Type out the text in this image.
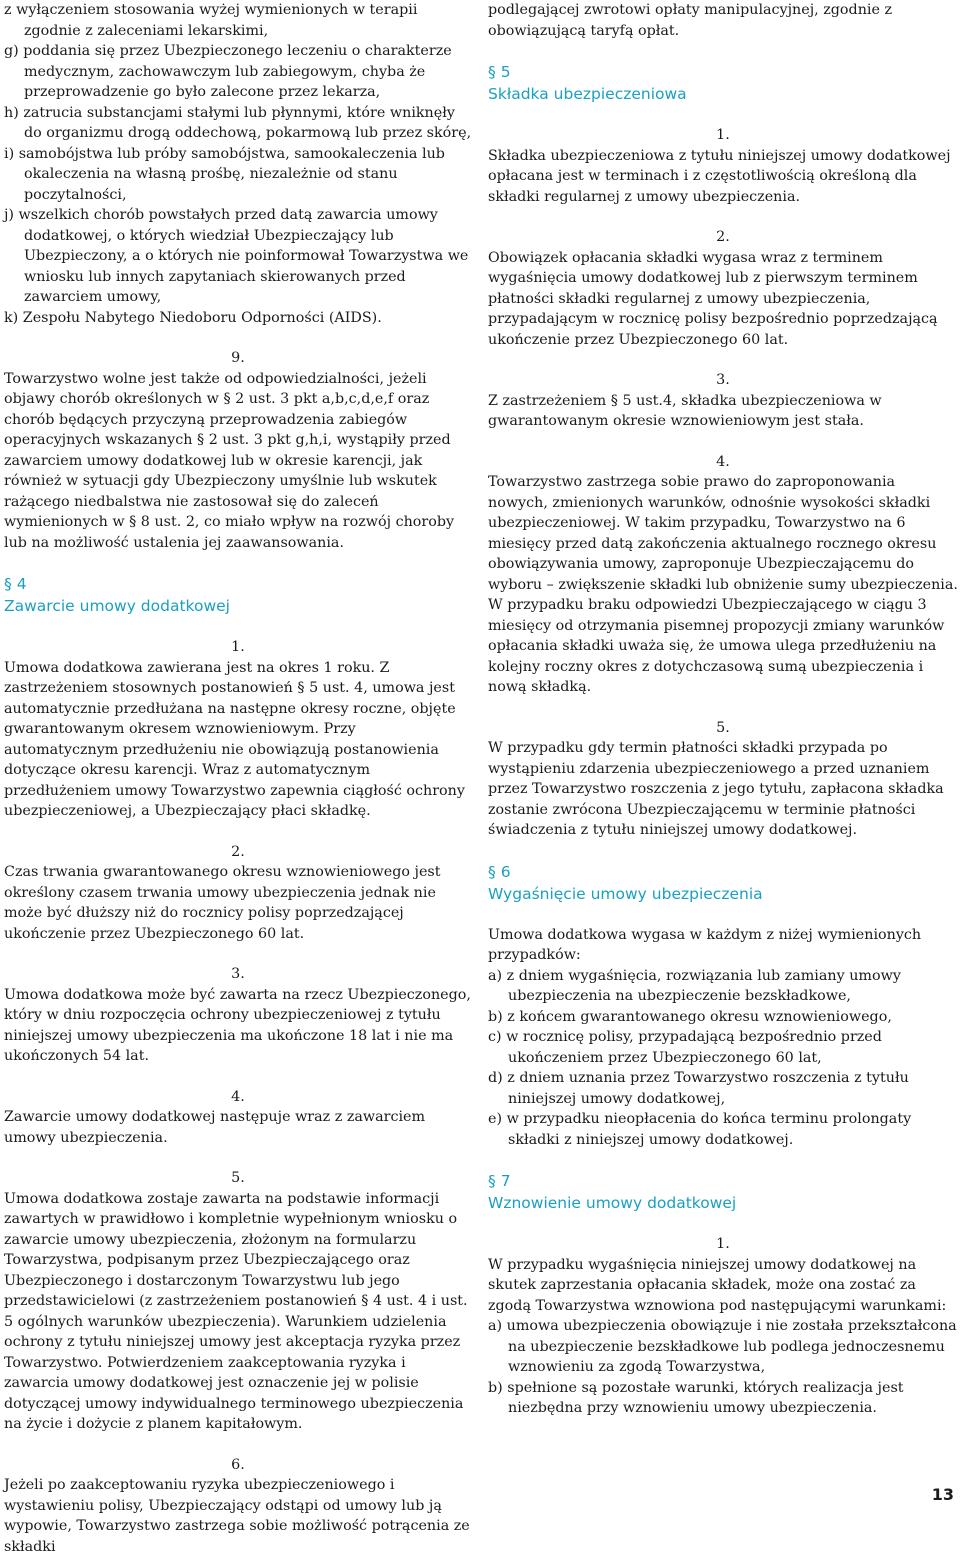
z wyłączeniem stosowania wyżej wymienionych w terapii zgodnie z zaleceniami lekarskimi,

g) poddania się przez Ubezpieczonego leczeniu o charakterze medycznym, zachowawczym lub zabiegowym, chyba że przeprowadzenie go było zalecone przez lekarza,

h) zatrucia substancjami stałymi lub płynnymi, które wniknęły do organizmu drogą oddechową, pokarmową lub przez skórę,

i) samobójstwa lub próby samobójstwa, samookaleczenia lub okaleczenia na własną prośbę, niezależnie od stanu poczytalności,

j) wszelkich chorób powstałych przed datą zawarcia umowy dodatkowej, o których wiedział Ubezpieczający lub Ubezpieczony, a o których nie poinformował Towarzystwa we wniosku lub innych zapytaniach skierowanych przed zawarciem umowy,

k) Zespołu Nabytego Niedoboru Odporności (AIDS).

9.

Towarzystwo wolne jest także od odpowiedzialności, jeżeli objawy chorób określonych w § 2 ust. 3 pkt a,b,c,d,e,f oraz chorób będących przyczyną przeprowadzenia zabiegów operacyjnych wskazanych § 2 ust. 3 pkt g,h,i, wystąpiły przed zawarciem umowy dodatkowej lub w okresie karencji, jak również w sytuacji gdy Ubezpieczony umyślnie lub wskutek rażącego niedbalstwa nie zastosował się do zaleceń wymienionych w § 8 ust. 2, co miało wpływ na rozwój choroby lub na możliwość ustalenia jej zaawansowania.

§ 4
Zawarcie umowy dodatkowej

1.

Umowa dodatkowa zawierana jest na okres 1 roku. Z zastrzeżeniem stosownych postanowień § 5 ust. 4, umowa jest automatycznie przedłużana na następne okresy roczne, objęte gwarantowanym okresem wznowieniowym. Przy automatycznym przedłużeniu nie obowiązują postanowienia dotyczące okresu karencji. Wraz z automatycznym przedłużeniem umowy Towarzystwo zapewnia ciągłość ochrony ubezpieczeniowej, a Ubezpieczający płaci składkę.

2.

Czas trwania gwarantowanego okresu wznowieniowego jest określony czasem trwania umowy ubezpieczenia jednak nie może być dłuższy niż do rocznicy polisy poprzedzającej ukończenie przez Ubezpieczonego 60 lat.

3.

Umowa dodatkowa może być zawarta na rzecz Ubezpieczonego, który w dniu rozpoczęcia ochrony ubezpieczeniowej z tytułu niniejszej umowy ubezpieczenia ma ukończone 18 lat i nie ma ukończonych 54 lat.

4.

Zawarcie umowy dodatkowej następuje wraz z zawarciem umowy ubezpieczenia.

5.

Umowa dodatkowa zostaje zawarta na podstawie informacji zawartych w prawidłowo i kompletnie wypełnionym wniosku o zawarcie umowy ubezpieczenia, złożonym na formularzu Towarzystwa, podpisanym przez Ubezpieczającego oraz Ubezpieczonego i dostarczonym Towarzystwu lub jego przedstawicielowi (z zastrzeżeniem postanowień § 4 ust. 4 i ust. 5 ogólnych warunków ubezpieczenia). Warunkiem udzielenia ochrony z tytułu niniejszej umowy jest akceptacja ryzyka przez Towarzystwo. Potwierdzeniem zaakceptowania ryzyka i zawarcia umowy dodatkowej jest oznaczenie jej w polisie dotyczącej umowy indywidualnego terminowego ubezpieczenia na życie i dożycie z planem kapitałowym.

6.

Jeżeli po zaakceptowaniu ryzyka ubezpieczeniowego i wystawieniu polisy, Ubezpieczający odstąpi od umowy lub ją wypowie, Towarzystwo zastrzega sobie możliwość potrącenia ze składki

podlegającej zwrotowi opłaty manipulacyjnej, zgodnie z obowiązującą taryfą opłat.

§ 5
Składka ubezpieczeniowa

1.

Składka ubezpieczeniowa z tytułu niniejszej umowy dodatkowej opłacana jest w terminach i z częstotliwością określoną dla składki regularnej z umowy ubezpieczenia.

2.

Obowiązek opłacania składki wygasa wraz z terminem wygaśnięcia umowy dodatkowej lub z pierwszym terminem płatności składki regularnej z umowy ubezpieczenia, przypadającym w rocznicę polisy bezpośrednio poprzedzającą ukończenie przez Ubezpieczonego 60 lat.

3.

Z zastrzeżeniem § 5 ust.4, składka ubezpieczeniowa w gwarantowanym okresie wznowieniowym jest stała.

4.

Towarzystwo zastrzega sobie prawo do zaproponowania nowych, zmienionych warunków, odnośnie wysokości składki ubezpieczeniowej. W takim przypadku, Towarzystwo na 6 miesięcy przed datą zakończenia aktualnego rocznego okresu obowiązywania umowy, zaproponuje Ubezpieczającemu do wyboru – zwiększenie składki lub obniżenie sumy ubezpieczenia. W przypadku braku odpowiedzi Ubezpieczającego w ciągu 3 miesięcy od otrzymania pisemnej propozycji zmiany warunków opłacania składki uważa się, że umowa ulega przedłużeniu na kolejny roczny okres z dotychczasową sumą ubezpieczenia i nową składką.

5.

W przypadku gdy termin płatności składki przypada po wystąpieniu zdarzenia ubezpieczeniowego a przed uznaniem przez Towarzystwo roszczenia z jego tytułu, zapłacona składka zostanie zwrócona Ubezpieczającemu w terminie płatności świadczenia z tytułu niniejszej umowy dodatkowej.

§ 6
Wygaśnięcie umowy ubezpieczenia

Umowa dodatkowa wygasa w każdym z niżej wymienionych przypadków:

a) z dniem wygaśnięcia, rozwiązania lub zamiany umowy ubezpieczenia na ubezpieczenie bezskładkowe,

b) z końcem gwarantowanego okresu wznowieniowego,

c) w rocznicę polisy, przypadającą bezpośrednio przed ukończeniem przez Ubezpieczonego 60 lat,

d) z dniem uznania przez Towarzystwo roszczenia z tytułu niniejszej umowy dodatkowej,

e) w przypadku nieopłacenia do końca terminu prolongaty składki z niniejszej umowy dodatkowej.

§ 7
Wznowienie umowy dodatkowej

1.

W przypadku wygaśnięcia niniejszej umowy dodatkowej na skutek zaprzestania opłacania składek, może ona zostać za zgodą Towarzystwa wznowiona pod następującymi warunkami:

a) umowa ubezpieczenia obowiązuje i nie została przekształcona na ubezpieczenie bezskładkowe lub podlega jednoczesnemu wznowieniu za zgodą Towarzystwa,

b) spełnione są pozostałe warunki, których realizacja jest niezbędna przy wznowieniu umowy ubezpieczenia.

13
